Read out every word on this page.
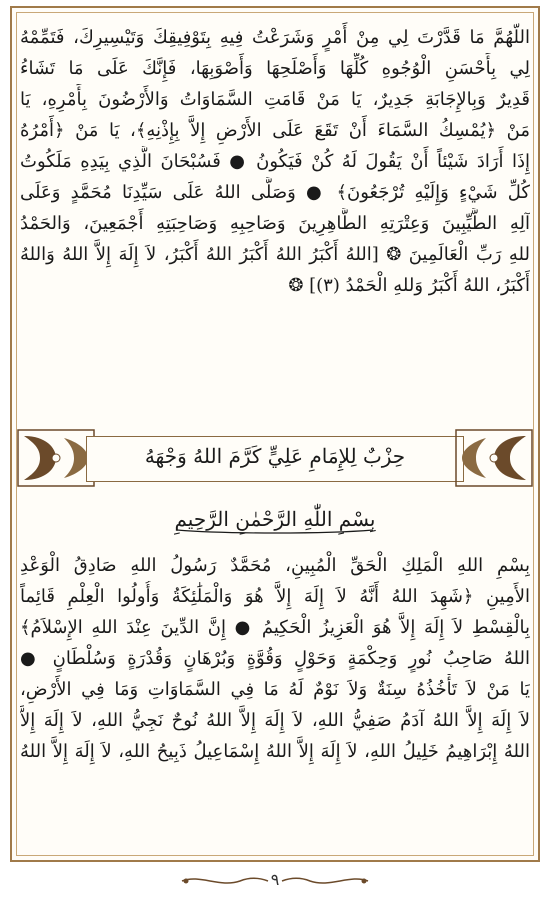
اللّهُمَّ مَا قَدَّرْتَ لِي مِنْ أَمْرٍ وَشَرَعْتُ فِيهِ بِتَوْفِيقِكَ وَتَيْسِيرِكَ، فَتَمِّمْهُ
لِي بِأَحْسَنِ الْوُجُوهِ كُلِّهَا وَأَصْلَحِهَا وَأَصْوَبِهَا، فَإِنَّكَ عَلَى مَا تَشَاءُ
قَدِيرٌ وَبِالإِجَابَةِ جَدِيرٌ، يَا مَنْ قَامَتِ السَّمَاوَاتُ وَالأَرْضُونَ بِأَمْرِهِ، يَا
مَنْ ﴿يُمْسِكُ السَّمَاءَ أَنْ تَقَعَ عَلَى الأَرْضِ إِلاَّ بِإِذْنِهِ﴾، يَا مَنْ ﴿أَمْرُهُ
إِذَا أَرَادَ شَيْئاً أَنْ يَقُولَ لَهُ كُنْ فَيَكُونُ ● فَسُبْحَانَ الَّذِي بِيَدِهِ مَلَكُوتُ
كُلِّ شَيْءٍ وَإِلَيْهِ تُرْجَعُونَ﴾ ● وَصَلَّى اللهُ عَلَى سَيِّدِنَا مُحَمَّدٍ وَعَلَى
آلِهِ الطَّيِّبِينَ وَعِتْرَتِهِ الطَّاهِرِينَ وَصَاحِبِهِ وَصَاحِبَتِهِ أَجْمَعِينَ، وَالحَمْدُ
للهِ رَبِّ الْعَالَمِينَ ❂ [اللهُ أَكْبَرُ اللهُ أَكْبَرُ اللهُ أَكْبَرُ، لاَ إِلَهَ إِلاَّ اللهُ وَاللهُ
أَكْبَرُ، اللهُ أَكْبَرُ وَللهِ الْحَمْدُ (٣)] ❂
حِزْبٌ لِلإِمَامِ عَلِيٍّ كَرَّمَ اللهُ وَجْهَهُ
بِسْمِ اللّٰهِ الرَّحْمٰنِ الرَّحِيمِ
بِسْمِ اللهِ الْمَلِكِ الْحَقِّ الْمُبِينِ، مُحَمَّدٌ رَسُولُ اللهِ صَادِقُ الْوَعْدِ
الأَمِينِ ﴿شَهِدَ اللهُ أَنَّهُ لاَ إِلَهَ إِلاَّ هُوَ وَالْمَلَٰئِكَةُ وَأُولُوا الْعِلْمِ قَائِماً
بِالْقِسْطِ لاَ إِلَهَ إِلاَّ هُوَ الْعَزِيزُ الْحَكِيمُ ● إِنَّ الدِّينَ عِنْدَ اللهِ الإِسْلاَمُ﴾
اللهُ صَاحِبُ نُورٍ وَحِكْمَةٍ وَحَوْلٍ وَقُوَّةٍ وَبُرْهَانٍ وَقُدْرَةٍ وَسُلْطَانٍ ●
يَا مَنْ لاَ تَأْخُذُهُ سِنَةٌ وَلاَ نَوْمٌ لَهُ مَا فِي السَّمَاوَاتِ وَمَا فِي الأَرْضِ،
لاَ إِلَهَ إِلاَّ اللهُ آدَمُ صَفِيُّ اللهِ، لاَ إِلَهَ إِلاَّ اللهُ نُوحٌ نَجِيُّ اللهِ، لاَ إِلَهَ إِلاَّ
اللهُ إِبْرَاهِيمُ خَلِيلُ اللهِ، لاَ إِلَهَ إِلاَّ اللهُ إِسْمَاعِيلُ ذَبِيحُ اللهِ، لاَ إِلَهَ إِلاَّ اللهُ
٩
